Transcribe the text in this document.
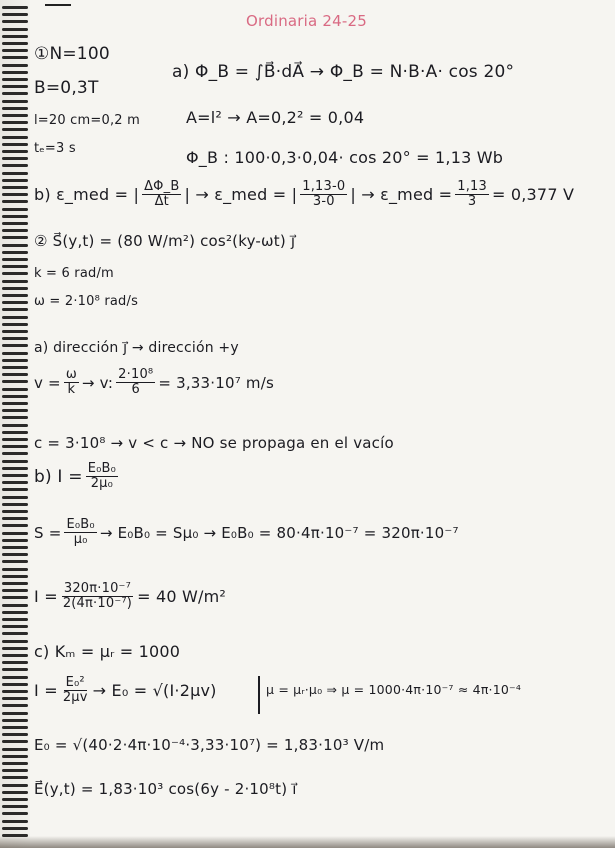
Ordinaria 24-25
①N=100
B=0,3T
l=20 cm=0,2 m
tₑ=3 s
a) Φ_B = ∫B⃗·dA⃗ → Φ_B = N·B·A· cos 20°
A=l² → A=0,2² = 0,04
Φ_B : 100·0,3·0,04· cos 20° = 1,13 Wb
b) ε_med = | $\frac{\Delta\Phi\_B}{\Delta t}$ | → ε_med = | $\frac{1,13-0}{3-0}$ | → ε_med = $\frac{1,13}{3} = 0,377$ V
② S⃗(y,t) = (80 W/m²) cos²(ky-ωt) j⃗
k = 6 rad/m
ω = 2·10⁸ rad/s
a) dirección j⃗ → dirección +y
$v = \frac{\omega}{k} \to v$: $\frac{\text{2·10⁸}}{6} = 3,33\cdot 10^7$ m/s
c = 3·10⁸ → v < c → NO se propaga en el vacío
b) $I = \frac{\text{E₀B₀}}{\text{2μ₀}}$
$S = \frac{\text{E₀B₀}}{\text{μ₀}} \to E_0B_0 = S\mu_0 \to E_0B_0 = 80\cdot 4\pi\cdot 10^{-7} = 320\pi\cdot 10^{-7}$
$I = \frac{\text{320π·10⁻⁷}}{\text{2(4π·10⁻⁷)}} = 40$ W/m²
c) Kₘ = μᵣ = 1000
$I = \frac{\text{E₀²}}{2\mu v} \to E_0 = √(I\cdot 2\mu v)$	μ = μᵣ·μ₀ ⇒ μ = 1000·4π·10⁻⁷ ≈ 4π·10⁻⁴
E₀ = √(40·2·4π·10⁻⁴·3,33·10⁷) = 1,83·10³ V/m
E⃗(y,t) = 1,83·10³ cos(6y - 2·10⁸t) i⃗
